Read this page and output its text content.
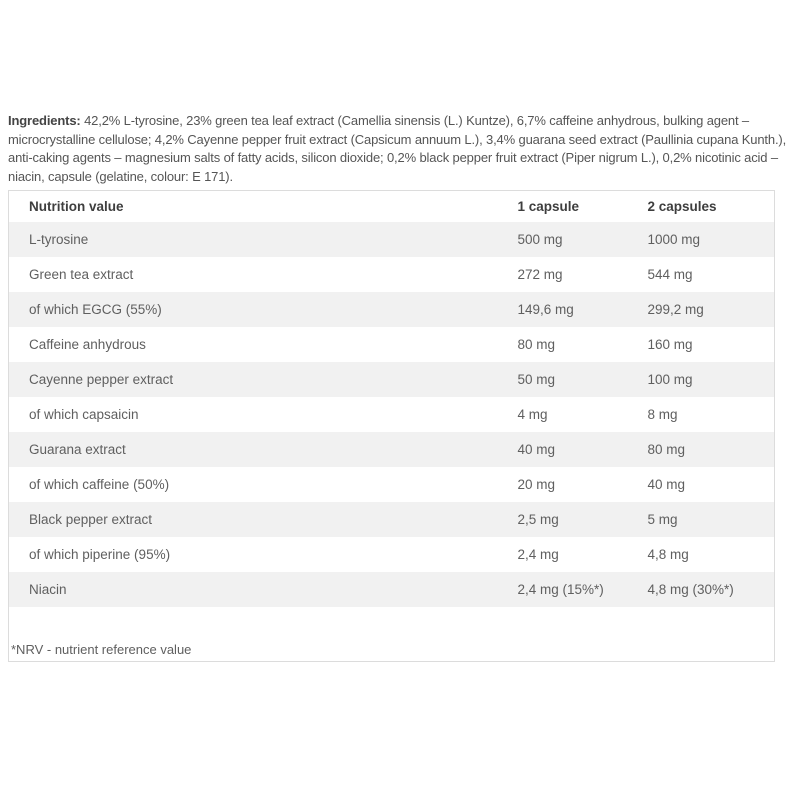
Ingredients: 42,2% L-tyrosine, 23% green tea leaf extract (Camellia sinensis (L.) Kuntze), 6,7% caffeine anhydrous, bulking agent – microcrystalline cellulose; 4,2% Cayenne pepper fruit extract (Capsicum annuum L.), 3,4% guarana seed extract (Paullinia cupana Kunth.), anti-caking agents – magnesium salts of fatty acids, silicon dioxide; 0,2% black pepper fruit extract (Piper nigrum L.), 0,2% nicotinic acid – niacin, capsule (gelatine, colour: E 171).

Nutrition value	1 capsule	2 capsules
L-tyrosine	500 mg	1000 mg
Green tea extract	272 mg	544 mg
of which EGCG (55%)	149,6 mg	299,2 mg
Caffeine anhydrous	80 mg	160 mg
Cayenne pepper extract	50 mg	100 mg
of which capsaicin	4 mg	8 mg
Guarana extract	40 mg	80 mg
of which caffeine (50%)	20 mg	40 mg
Black pepper extract	2,5 mg	5 mg
of which piperine (95%)	2,4 mg	4,8 mg
Niacin	2,4 mg (15%*)	4,8 mg (30%*)
*NRV - nutrient reference value		
